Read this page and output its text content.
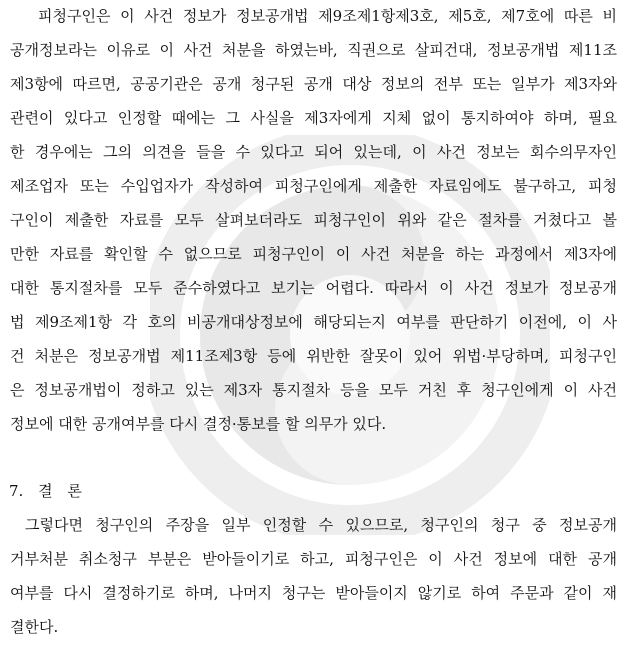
피청구인은 이 사건 정보가 정보공개법 제9조제1항제3호, 제5호, 제7호에 따른 비
공개정보라는 이유로 이 사건 처분을 하였는바, 직권으로 살피건대, 정보공개법 제11조
제3항에 따르면, 공공기관은 공개 청구된 공개 대상 정보의 전부 또는 일부가 제3자와
관련이 있다고 인정할 때에는 그 사실을 제3자에게 지체 없이 통지하여야 하며, 필요
한 경우에는 그의 의견을 들을 수 있다고 되어 있는데, 이 사건 정보는 회수의무자인
제조업자 또는 수입업자가 작성하여 피청구인에게 제출한 자료임에도 불구하고, 피청
구인이 제출한 자료를 모두 살펴보더라도 피청구인이 위와 같은 절차를 거쳤다고 볼
만한 자료를 확인할 수 없으므로 피청구인이 이 사건 처분을 하는 과정에서 제3자에
대한 통지절차를 모두 준수하였다고 보기는 어렵다. 따라서 이 사건 정보가 정보공개
법 제9조제1항 각 호의 비공개대상정보에 해당되는지 여부를 판단하기 이전에, 이 사
건 처분은 정보공개법 제11조제3항 등에 위반한 잘못이 있어 위법·부당하며, 피청구인
은 정보공개법이 정하고 있는 제3자 통지절차 등을 모두 거친 후 청구인에게 이 사건
정보에 대한 공개여부를 다시 결정·통보를 할 의무가 있다.
7. 결 론
그렇다면 청구인의 주장을 일부 인정할 수 있으므로, 청구인의 청구 중 정보공개
거부처분 취소청구 부분은 받아들이기로 하고, 피청구인은 이 사건 정보에 대한 공개
여부를 다시 결정하기로 하며, 나머지 청구는 받아들이지 않기로 하여 주문과 같이 재
결한다.
